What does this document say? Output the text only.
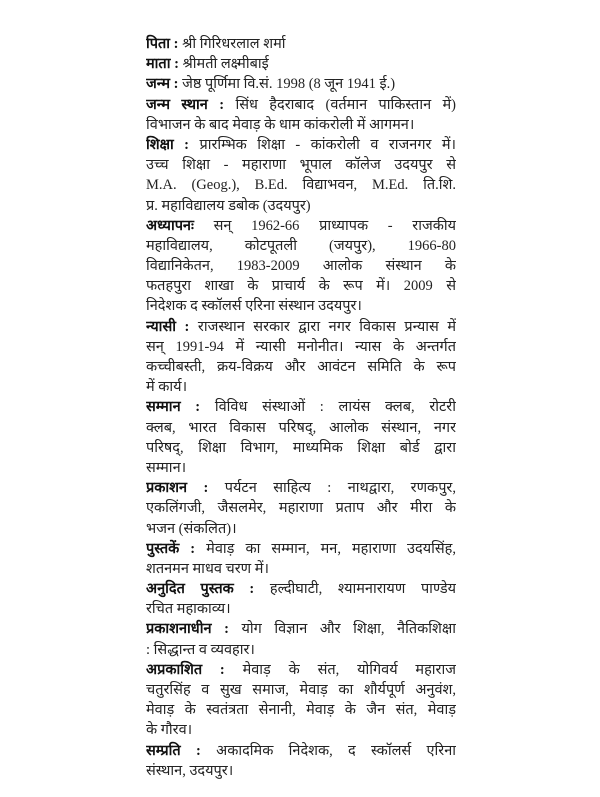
पिता : श्री गिरिधरलाल शर्मा
माता : श्रीमती लक्ष्मीबाई
जन्म : जेष्ठ पूर्णिमा वि.सं. 1998 (8 जून 1941 ई.)
जन्म स्थान : सिंध हैदराबाद (वर्तमान पाकिस्तान में)
विभाजन के बाद मेवाड़ के धाम कांकरोली में आगमन।
शिक्षा : प्रारम्भिक शिक्षा - कांकरोली व राजनगर में।
उच्च शिक्षा - महाराणा भूपाल कॉलेज उदयपुर से
M.A. (Geog.), B.Ed. विद्याभवन, M.Ed. ति.शि.
प्र. महाविद्यालय डबोक (उदयपुर)
अध्यापनः सन् 1962-66 प्राध्यापक - राजकीय
महाविद्यालय, कोटपूतली (जयपुर), 1966-80
विद्यानिकेतन, 1983-2009 आलोक संस्थान के
फतहपुरा शाखा के प्राचार्य के रूप में। 2009 से
निदेशक द स्कॉलर्स एरिना संस्थान उदयपुर।
न्यासी : राजस्थान सरकार द्वारा नगर विकास प्रन्यास में
सन् 1991-94 में न्यासी मनोनीत। न्यास के अन्तर्गत
कच्चीबस्ती, क्रय-विक्रय और आवंटन समिति के रूप
में कार्य।
सम्मान : विविध संस्थाओं : लायंस क्लब, रोटरी
क्लब, भारत विकास परिषद्, आलोक संस्थान, नगर
परिषद्, शिक्षा विभाग, माध्यमिक शिक्षा बोर्ड द्वारा
सम्मान।
प्रकाशन : पर्यटन साहित्य : नाथद्वारा, रणकपुर,
एकलिंगजी, जैसलमेर, महाराणा प्रताप और मीरा के
भजन (संकलित)।
पुस्तकें : मेवाड़ का सम्मान, मन, महाराणा उदयसिंह,
शतनमन माधव चरण में।
अनुदित पुस्तक : हल्दीघाटी, श्यामनारायण पाण्डेय
रचित महाकाव्य।
प्रकाशनाधीन : योग विज्ञान और शिक्षा, नैतिकशिक्षा
: सिद्धान्त व व्यवहार।
अप्रकाशित : मेवाड़ के संत, योगिवर्य महाराज
चतुरसिंह व सुख समाज, मेवाड़ का शौर्यपूर्ण अनुवंश,
मेवाड़ के स्वतंत्रता सेनानी, मेवाड़ के जैन संत, मेवाड़
के गौरव।
सम्प्रति : अकादमिक निदेशक, द स्कॉलर्स एरिना
संस्थान, उदयपुर।
